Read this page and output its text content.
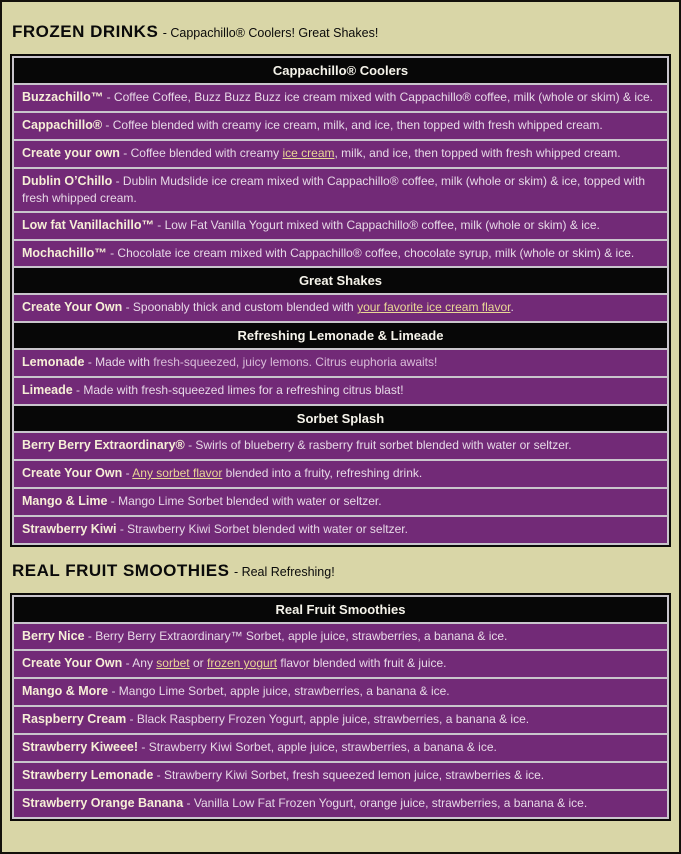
FROZEN DRINKS - Cappachillo® Coolers! Great Shakes!
Cappachillo® Coolers
Buzzachillo™ - Coffee Coffee, Buzz Buzz Buzz ice cream mixed with Cappachillo® coffee, milk (whole or skim) & ice.
Cappachillo® - Coffee blended with creamy ice cream, milk, and ice, then topped with fresh whipped cream.
Create your own - Coffee blended with creamy ice cream, milk, and ice, then topped with fresh whipped cream.
Dublin O’Chillo - Dublin Mudslide ice cream mixed with Cappachillo® coffee, milk (whole or skim) & ice, topped with fresh whipped cream.
Low fat Vanillachillo™ - Low Fat Vanilla Yogurt mixed with Cappachillo® coffee, milk (whole or skim) & ice.
Mochachillo™ - Chocolate ice cream mixed with Cappachillo® coffee, chocolate syrup, milk (whole or skim) & ice.
Great Shakes
Create Your Own - Spoonably thick and custom blended with your favorite ice cream flavor.
Refreshing Lemonade & Limeade
Lemonade - Made with fresh-squeezed, juicy lemons. Citrus euphoria awaits!
Limeade - Made with fresh-squeezed limes for a refreshing citrus blast!
Sorbet Splash
Berry Berry Extraordinary® - Swirls of blueberry & rasberry fruit sorbet blended with water or seltzer.
Create Your Own - Any sorbet flavor blended into a fruity, refreshing drink.
Mango & Lime - Mango Lime Sorbet blended with water or seltzer.
Strawberry Kiwi - Strawberry Kiwi Sorbet blended with water or seltzer.
REAL FRUIT SMOOTHIES - Real Refreshing!
Real Fruit Smoothies
Berry Nice - Berry Berry Extraordinary™ Sorbet, apple juice, strawberries, a banana & ice.
Create Your Own - Any sorbet or frozen yogurt flavor blended with fruit & juice.
Mango & More - Mango Lime Sorbet, apple juice, strawberries, a banana & ice.
Raspberry Cream - Black Raspberry Frozen Yogurt, apple juice, strawberries, a banana & ice.
Strawberry Kiweee! - Strawberry Kiwi Sorbet, apple juice, strawberries, a banana & ice.
Strawberry Lemonade - Strawberry Kiwi Sorbet, fresh squeezed lemon juice, strawberries & ice.
Strawberry Orange Banana - Vanilla Low Fat Frozen Yogurt, orange juice, strawberries, a banana & ice.
